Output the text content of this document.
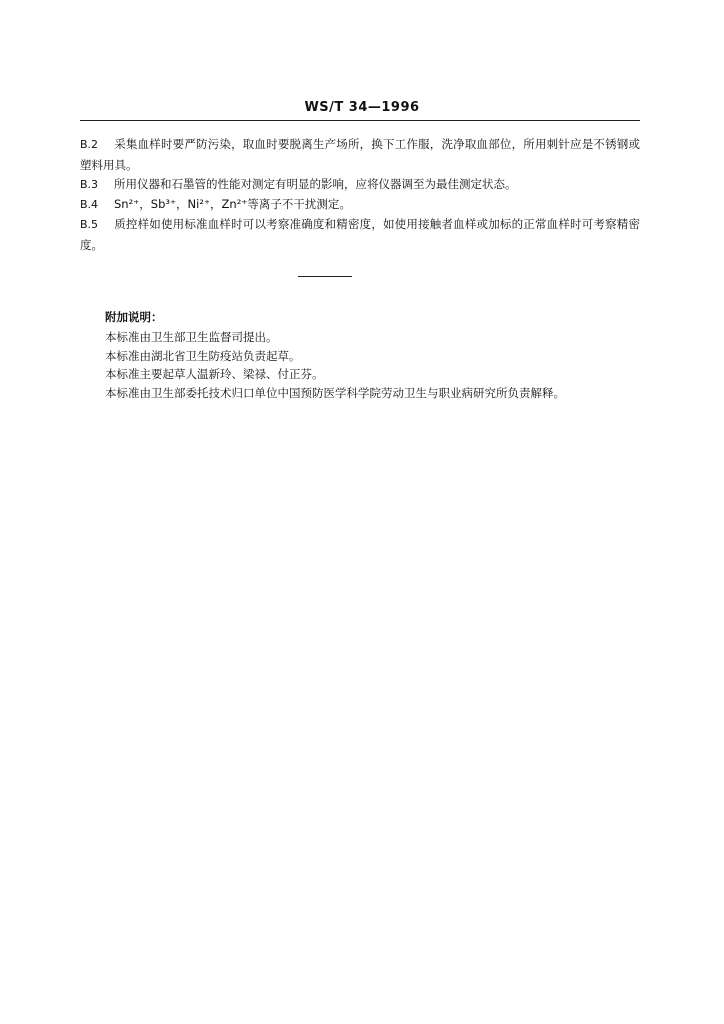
WS/T 34—1996
B.2 采集血样时要严防污染，取血时要脱离生产场所，换下工作服，洗净取血部位，所用刺针应是不锈钢或塑料用具。
B.3 所用仪器和石墨管的性能对测定有明显的影响，应将仪器调至为最佳测定状态。
B.4 Sn²⁺，Sb³⁺，Ni²⁺，Zn²⁺等离子不干扰测定。
B.5 质控样如使用标准血样时可以考察准确度和精密度，如使用接触者血样或加标的正常血样时可考察精密度。
附加说明：
本标准由卫生部卫生监督司提出。
本标准由湖北省卫生防疫站负责起草。
本标准主要起草人温新玲、梁禄、付正芬。
本标准由卫生部委托技术归口单位中国预防医学科学院劳动卫生与职业病研究所负责解释。
